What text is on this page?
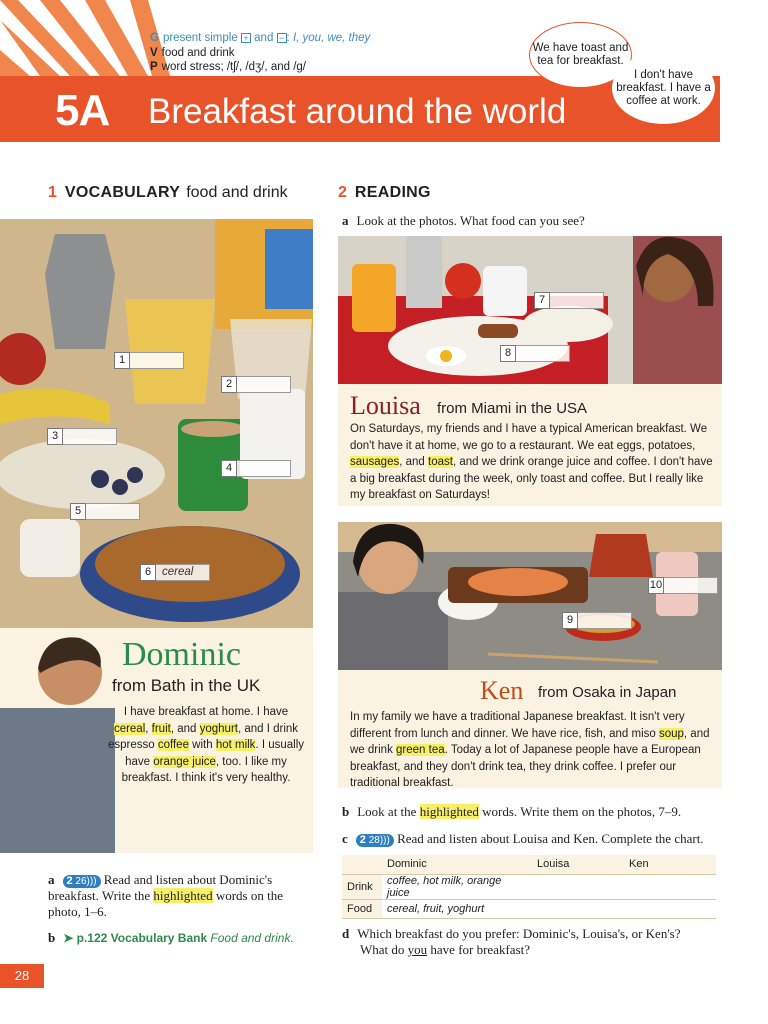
5A Breakfast around the world
G present simple + and − : I, you, we, they
V food and drink
P word stress; /tʃ/, /dʒ/, and /g/
We have toast and tea for breakfast.
I don't have breakfast. I have a coffee at work.
1 VOCABULARY food and drink
1
2
3
4
5
6 cereal
Dominic
from Bath in the UK
I have breakfast at home. I have cereal, fruit, and yoghurt, and I drink espresso coffee with hot milk. I usually have orange juice, too. I like my breakfast. I think it's very healthy.
a 2 26))) Read and listen about Dominic's breakfast. Write the highlighted words on the photo, 1–6.
b ➤ p.122 Vocabulary Bank Food and drink.
2 READING
a Look at the photos. What food can you see?
7
8
Louisa from Miami in the USA
On Saturdays, my friends and I have a typical American breakfast. We don't have it at home, we go to a restaurant. We eat eggs, potatoes, sausages, and toast, and we drink orange juice and coffee. I don't have a big breakfast during the week, only toast and coffee. But I really like my breakfast on Saturdays!
9
10
Ken from Osaka in Japan
In my family we have a traditional Japanese breakfast. It isn't very different from lunch and dinner. We have rice, fish, and miso soup, and we drink green tea. Today a lot of Japanese people have a European breakfast, and they don't drink tea, they drink coffee. I prefer our traditional breakfast.
b Look at the highlighted words. Write them on the photos, 7–9.
c 2 28))) Read and listen about Louisa and Ken. Complete the chart.
	Dominic	Louisa	Ken
Drink	coffee, hot milk, orange juice		
Food	cereal, fruit, yoghurt		
d Which breakfast do you prefer: Dominic's, Louisa's, or Ken's?
What do you have for breakfast?
28
